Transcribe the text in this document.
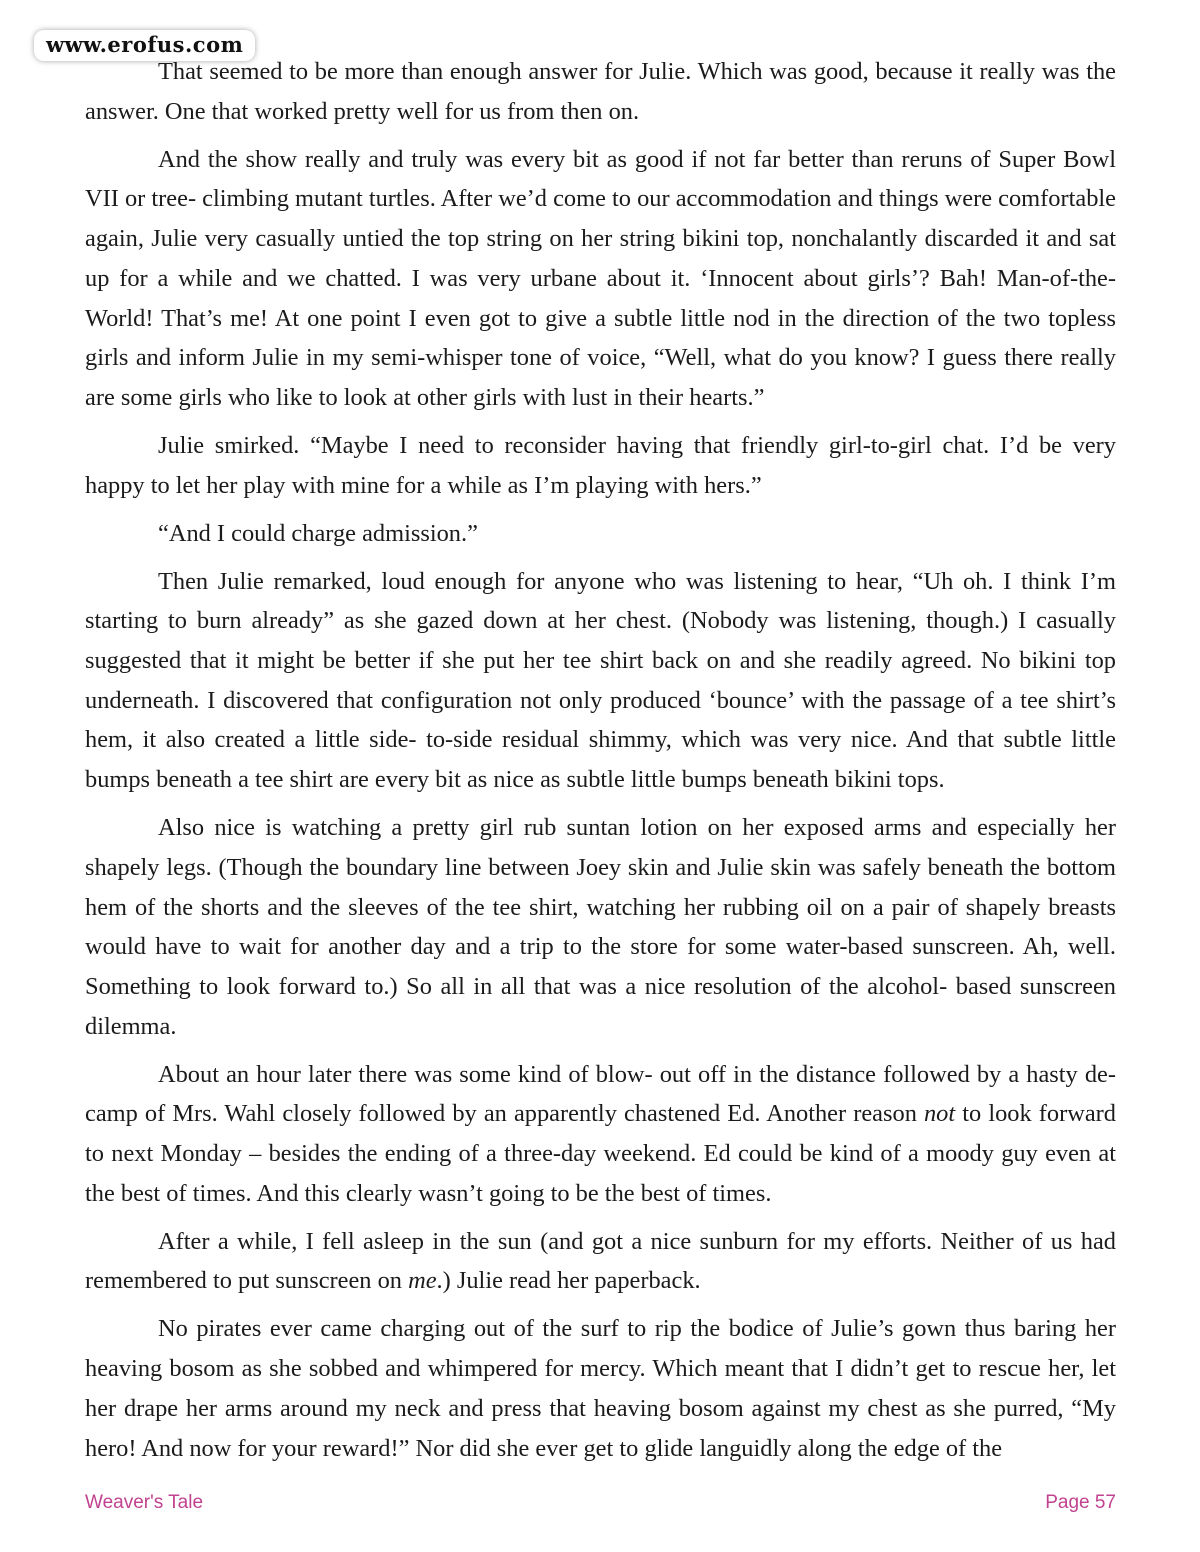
www.erofus.com

That seemed to be more than enough answer for Julie. Which was good, because it really was the answer. One that worked pretty well for us from then on.

And the show really and truly was every bit as good if not far better than reruns of Super Bowl VII or tree- climbing mutant turtles. After we’d come to our accommodation and things were comfortable again, Julie very casually untied the top string on her string bikini top, nonchalantly discarded it and sat up for a while and we chatted. I was very urbane about it. ‘Innocent about girls’? Bah! Man-of-the-World! That’s me! At one point I even got to give a subtle little nod in the direction of the two topless girls and inform Julie in my semi-whisper tone of voice, “Well, what do you know? I guess there really are some girls who like to look at other girls with lust in their hearts.”

Julie smirked. “Maybe I need to reconsider having that friendly girl-to-girl chat. I’d be very happy to let her play with mine for a while as I’m playing with hers.”

“And I could charge admission.”

Then Julie remarked, loud enough for anyone who was listening to hear, “Uh oh. I think I’m starting to burn already” as she gazed down at her chest. (Nobody was listening, though.) I casually suggested that it might be better if she put her tee shirt back on and she readily agreed. No bikini top underneath. I discovered that configuration not only produced ‘bounce’ with the passage of a tee shirt’s hem, it also created a little side- to-side residual shimmy, which was very nice. And that subtle little bumps beneath a tee shirt are every bit as nice as subtle little bumps beneath bikini tops.

Also nice is watching a pretty girl rub suntan lotion on her exposed arms and especially her shapely legs. (Though the boundary line between Joey skin and Julie skin was safely beneath the bottom hem of the shorts and the sleeves of the tee shirt, watching her rubbing oil on a pair of shapely breasts would have to wait for another day and a trip to the store for some water-based sunscreen. Ah, well. Something to look forward to.) So all in all that was a nice resolution of the alcohol- based sunscreen dilemma.

About an hour later there was some kind of blow- out off in the distance followed by a hasty de-camp of Mrs. Wahl closely followed by an apparently chastened Ed. Another reason not to look forward to next Monday – besides the ending of a three-day weekend. Ed could be kind of a moody guy even at the best of times. And this clearly wasn’t going to be the best of times.

After a while, I fell asleep in the sun (and got a nice sunburn for my efforts. Neither of us had remembered to put sunscreen on me.) Julie read her paperback.

No pirates ever came charging out of the surf to rip the bodice of Julie’s gown thus baring her heaving bosom as she sobbed and whimpered for mercy. Which meant that I didn’t get to rescue her, let her drape her arms around my neck and press that heaving bosom against my chest as she purred, “My hero! And now for your reward!” Nor did she ever get to glide languidly along the edge of the

Weaver's Tale	Page 57
